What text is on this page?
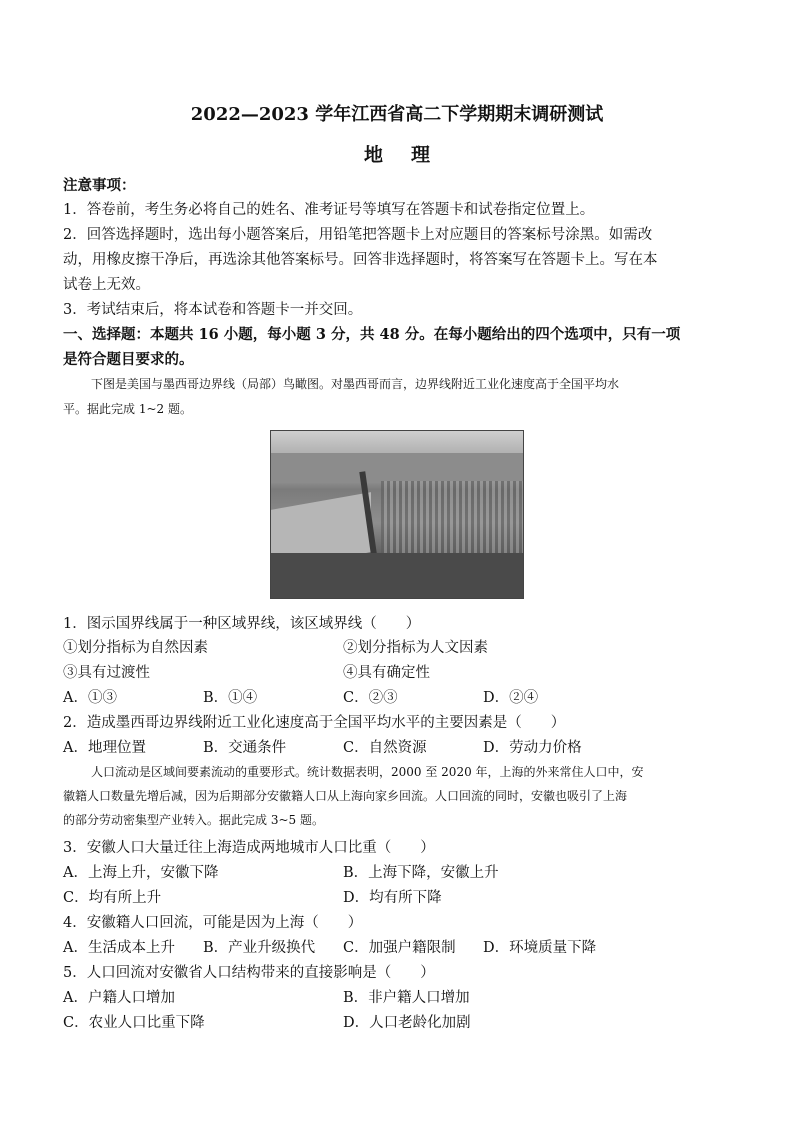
2022—2023 学年江西省高二下学期期末调研测试
地 理
注意事项：
1．答卷前，考生务必将自己的姓名、准考证号等填写在答题卡和试卷指定位置上。
2．回答选择题时，选出每小题答案后，用铅笔把答题卡上对应题目的答案标号涂黑。如需改
动，用橡皮擦干净后，再选涂其他答案标号。回答非选择题时，将答案写在答题卡上。写在本
试卷上无效。
3．考试结束后，将本试卷和答题卡一并交回。
一、选择题：本题共 16 小题，每小题 3 分，共 48 分。在每小题给出的四个选项中，只有一项
是符合题目要求的。
下图是美国与墨西哥边界线（局部）鸟瞰图。对墨西哥而言，边界线附近工业化速度高于全国平均水
平。据此完成 1~2 题。
1．图示国界线属于一种区域界线，该区域界线（　　）
①划分指标为自然因素	②划分指标为人文因素
③具有过渡性	④具有确定性
A．①③	B．①④	C．②③	D．②④
2．造成墨西哥边界线附近工业化速度高于全国平均水平的主要因素是（　　）
A．地理位置	B．交通条件	C．自然资源	D．劳动力价格
人口流动是区域间要素流动的重要形式。统计数据表明，2000 至 2020 年，上海的外来常住人口中，安
徽籍人口数量先增后减，因为后期部分安徽籍人口从上海向家乡回流。人口回流的同时，安徽也吸引了上海
的部分劳动密集型产业转入。据此完成 3~5 题。
3．安徽人口大量迁往上海造成两地城市人口比重（　　）
A．上海上升，安徽下降	B．上海下降，安徽上升
C．均有所上升	D．均有所下降
4．安徽籍人口回流，可能是因为上海（　　）
A．生活成本上升 B．产业升级换代 C．加强户籍限制 D．环境质量下降
5．人口回流对安徽省人口结构带来的直接影响是（　　）
A．户籍人口增加	B．非户籍人口增加
C．农业人口比重下降	D．人口老龄化加剧
